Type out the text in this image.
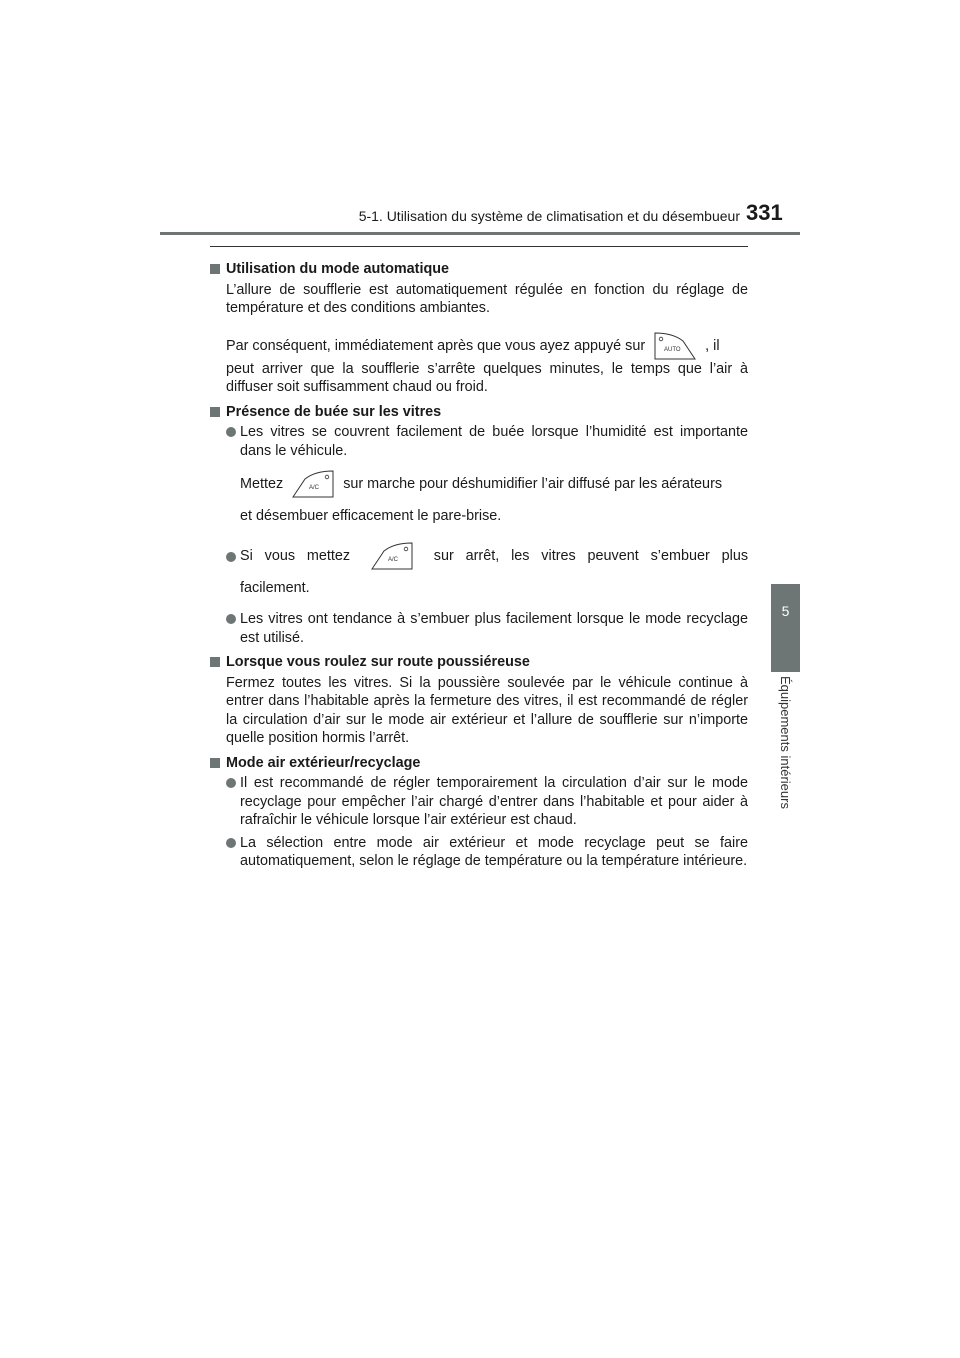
5-1. Utilisation du système de climatisation et du désembueur 331
5
Équipements intérieurs
Utilisation du mode automatique
L’allure de soufflerie est automatiquement régulée en fonction du réglage de température et des conditions ambiantes.
Par conséquent, immédiatement après que vous ayez appuyé sur	AUTO , il
peut arriver que la soufflerie s’arrête quelques minutes, le temps que l’air à diffuser soit suffisamment chaud ou froid.
Présence de buée sur les vitres
Les vitres se couvrent facilement de buée lorsque l’humidité est importante dans le véhicule.
Mettez	A/C sur marche pour déshumidifier l’air diffusé par les aérateurs
et désembuer efficacement le pare-brise.
Si vous mettez	A/C sur arrêt, les vitres peuvent s’embuer plus
facilement.
Les vitres ont tendance à s’embuer plus facilement lorsque le mode recyclage est utilisé.
Lorsque vous roulez sur route poussiéreuse
Fermez toutes les vitres. Si la poussière soulevée par le véhicule continue à entrer dans l’habitable après la fermeture des vitres, il est recommandé de régler la circulation d’air sur le mode air extérieur et l’allure de soufflerie sur n’importe quelle position hormis l’arrêt.
Mode air extérieur/recyclage
Il est recommandé de régler temporairement la circulation d’air sur le mode recyclage pour empêcher l’air chargé d’entrer dans l’habitable et pour aider à rafraîchir le véhicule lorsque l’air extérieur est chaud.
La sélection entre mode air extérieur et mode recyclage peut se faire automatiquement, selon le réglage de température ou la température intérieure.
